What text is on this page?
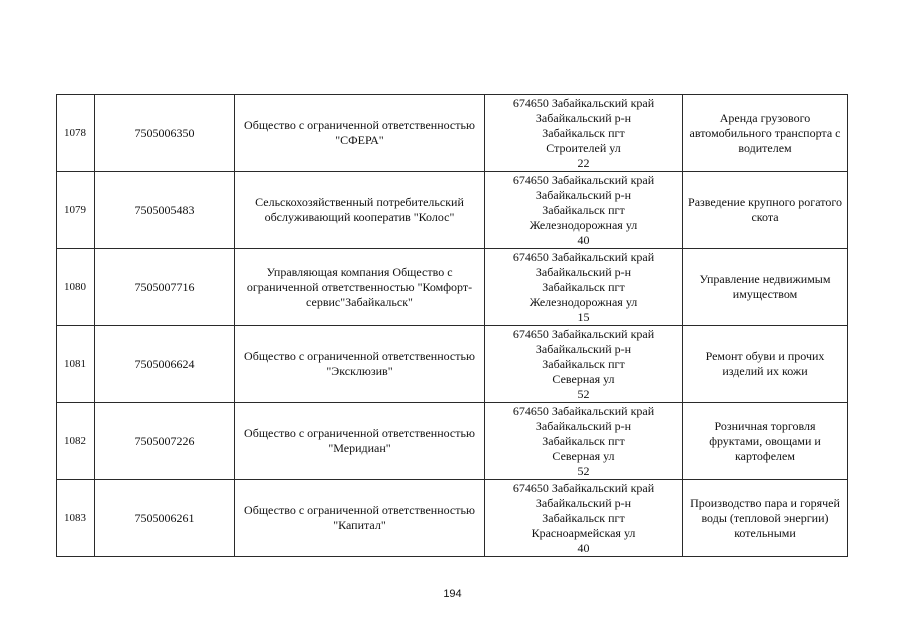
1078	7505006350	Общество с ограниченной ответственностью "СФЕРА"	674650 Забайкальский край
Забайкальский р-н
Забайкальск пгт
Строителей ул
22	Аренда грузового автомобильного транспорта с водителем
1079	7505005483	Сельскохозяйственный потребительский обслуживающий кооператив "Колос"	674650 Забайкальский край
Забайкальский р-н
Забайкальск пгт
Железнодорожная ул
40	Разведение крупного рогатого скота
1080	7505007716	Управляющая компания Общество с ограниченной ответственностью "Комфорт-сервис"Забайкальск"	674650 Забайкальский край
Забайкальский р-н
Забайкальск пгт
Железнодорожная ул
15	Управление недвижимым имуществом
1081	7505006624	Общество с ограниченной ответственностью "Эксклюзив"	674650 Забайкальский край
Забайкальский р-н
Забайкальск пгт
Северная ул
52	Ремонт обуви и прочих изделий их кожи
1082	7505007226	Общество с ограниченной ответственностью "Меридиан"	674650 Забайкальский край
Забайкальский р-н
Забайкальск пгт
Северная ул
52	Розничная торговля фруктами, овощами и картофелем
1083	7505006261	Общество с ограниченной ответственностью "Капитал"	674650 Забайкальский край
Забайкальский р-н
Забайкальск пгт
Красноармейская ул
40	Производство пара и горячей воды (тепловой энергии) котельными
194
